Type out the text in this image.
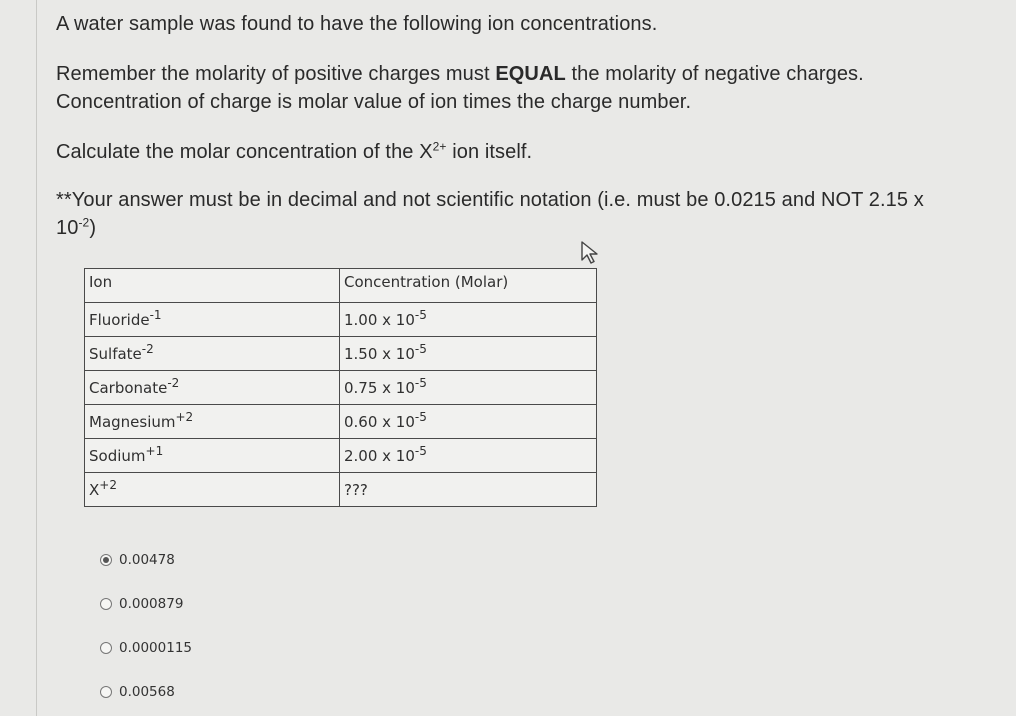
A water sample was found to have the following ion concentrations.

Remember the molarity of positive charges must EQUAL the molarity of negative charges. Concentration of charge is molar value of ion times the charge number.

Calculate the molar concentration of the $X^{2+}$ ion itself.

**Your answer must be in decimal and not scientific notation (i.e. must be 0.0215 and NOT 2.15 x $10^{-2}$)

Ion	Concentration (Molar)
Fluoride$^{-1}$	1.00 x $10^{-5}$
Sulfate$^{-2}$	1.50 x $10^{-5}$
Carbonate$^{-2}$	0.75 x $10^{-5}$
Magnesium$^{+2}$	0.60 x $10^{-5}$
Sodium$^{+1}$	2.00 x $10^{-5}$
$X^{+2}$	???
0.00478
0.000879
0.0000115
0.00568
